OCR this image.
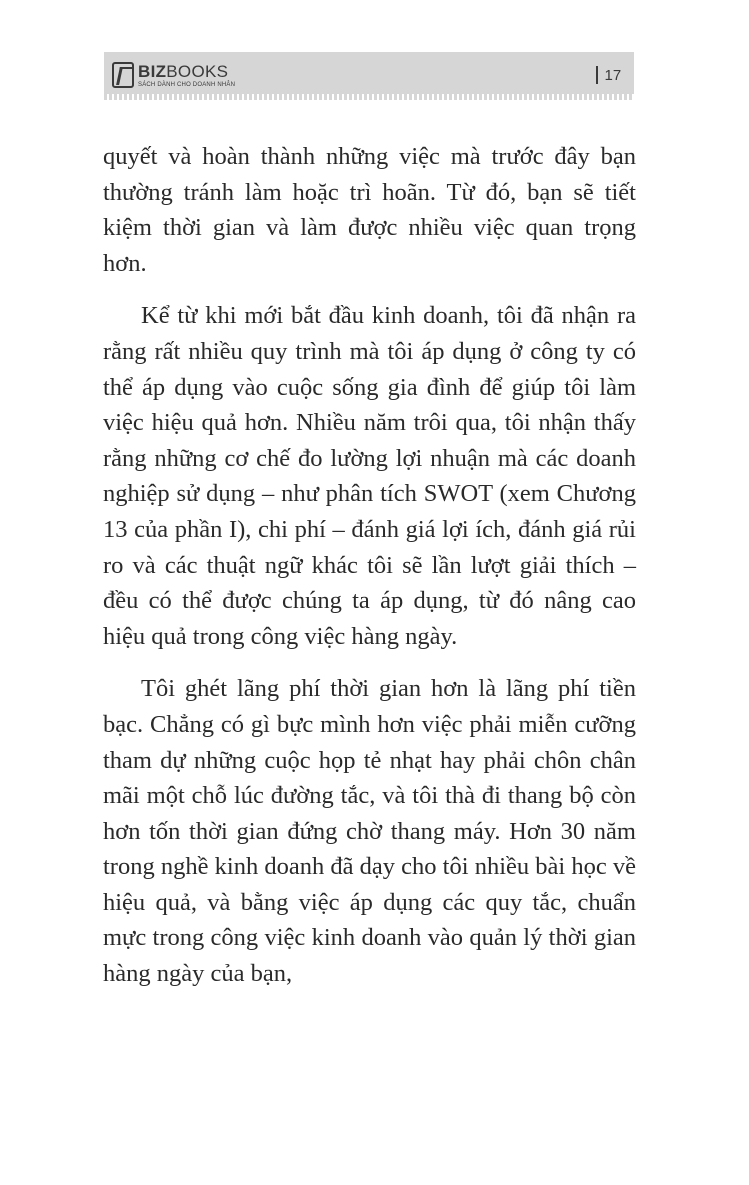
BIZBOOKS
SÁCH DÀNH CHO DOANH NHÂN
17

quyết và hoàn thành những việc mà trước đây bạn thường tránh làm hoặc trì hoãn. Từ đó, bạn sẽ tiết kiệm thời gian và làm được nhiều việc quan trọng hơn.

Kể từ khi mới bắt đầu kinh doanh, tôi đã nhận ra rằng rất nhiều quy trình mà tôi áp dụng ở công ty có thể áp dụng vào cuộc sống gia đình để giúp tôi làm việc hiệu quả hơn. Nhiều năm trôi qua, tôi nhận thấy rằng những cơ chế đo lường lợi nhuận mà các doanh nghiệp sử dụng – như phân tích SWOT (xem Chương 13 của phần I), chi phí – đánh giá lợi ích, đánh giá rủi ro và các thuật ngữ khác tôi sẽ lần lượt giải thích – đều có thể được chúng ta áp dụng, từ đó nâng cao hiệu quả trong công việc hàng ngày.

Tôi ghét lãng phí thời gian hơn là lãng phí tiền bạc. Chẳng có gì bực mình hơn việc phải miễn cưỡng tham dự những cuộc họp tẻ nhạt hay phải chôn chân mãi một chỗ lúc đường tắc, và tôi thà đi thang bộ còn hơn tốn thời gian đứng chờ thang máy. Hơn 30 năm trong nghề kinh doanh đã dạy cho tôi nhiều bài học về hiệu quả, và bằng việc áp dụng các quy tắc, chuẩn mực trong công việc kinh doanh vào quản lý thời gian hàng ngày của bạn,
